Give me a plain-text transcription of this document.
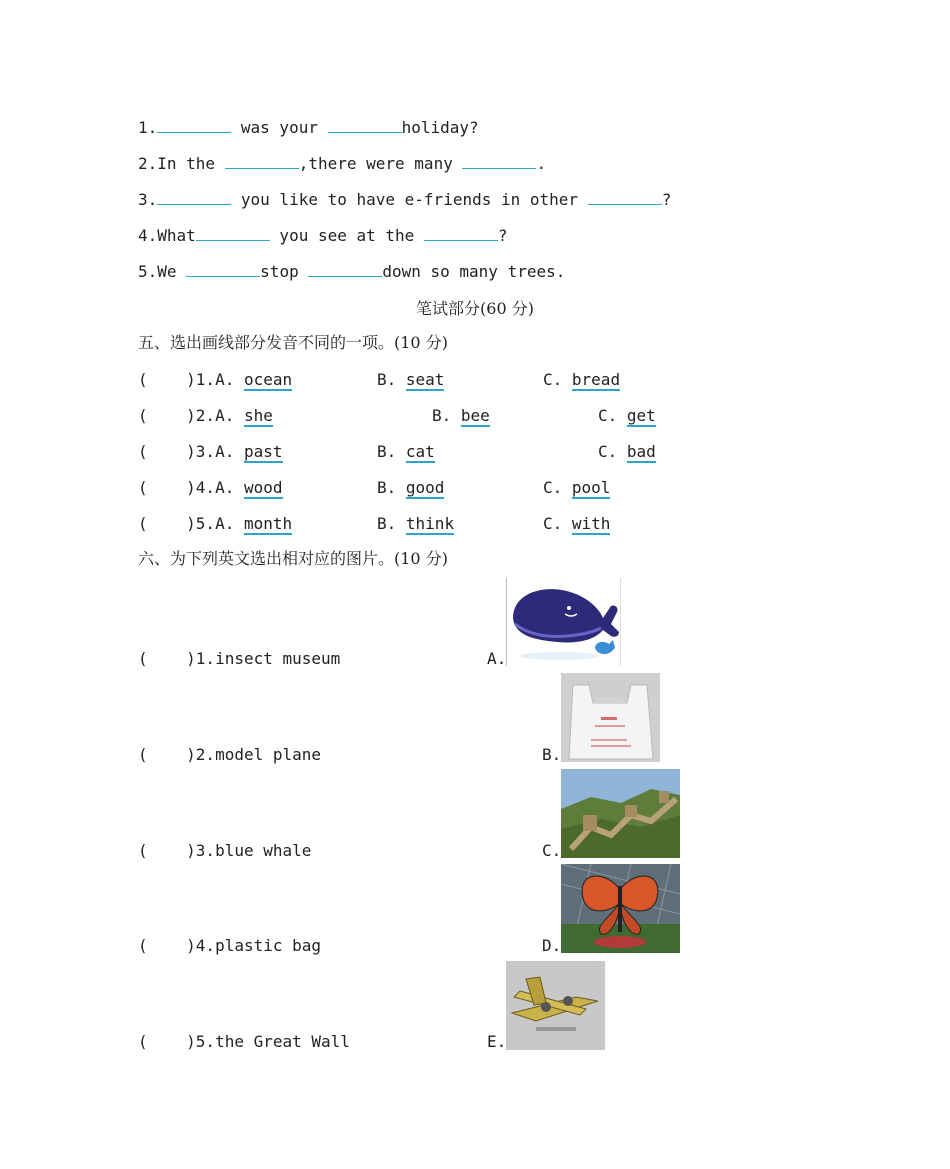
1.	was your	holiday?
2.In the	,there were many	.
3.	you like to have e-friends in other	?
4.What	you see at the	?
5.We	stop	down so many trees.
笔试部分(60 分)
五、选出画线部分发音不同的一项。(10 分)
(    )1.A. ocean	B. seat	C. bread
(    )2.A. she	B. bee	C. get
(    )3.A. past	B. cat	C. bad
(    )4.A. wood	B. good	C. pool
(    )5.A. month	B. think	C. with
六、为下列英文选出相对应的图片。(10 分)
(    )1.insect museum	A.
(    )2.model plane	B.
(    )3.blue whale	C.
(    )4.plastic bag	D.
(    )5.the Great Wall	E.
